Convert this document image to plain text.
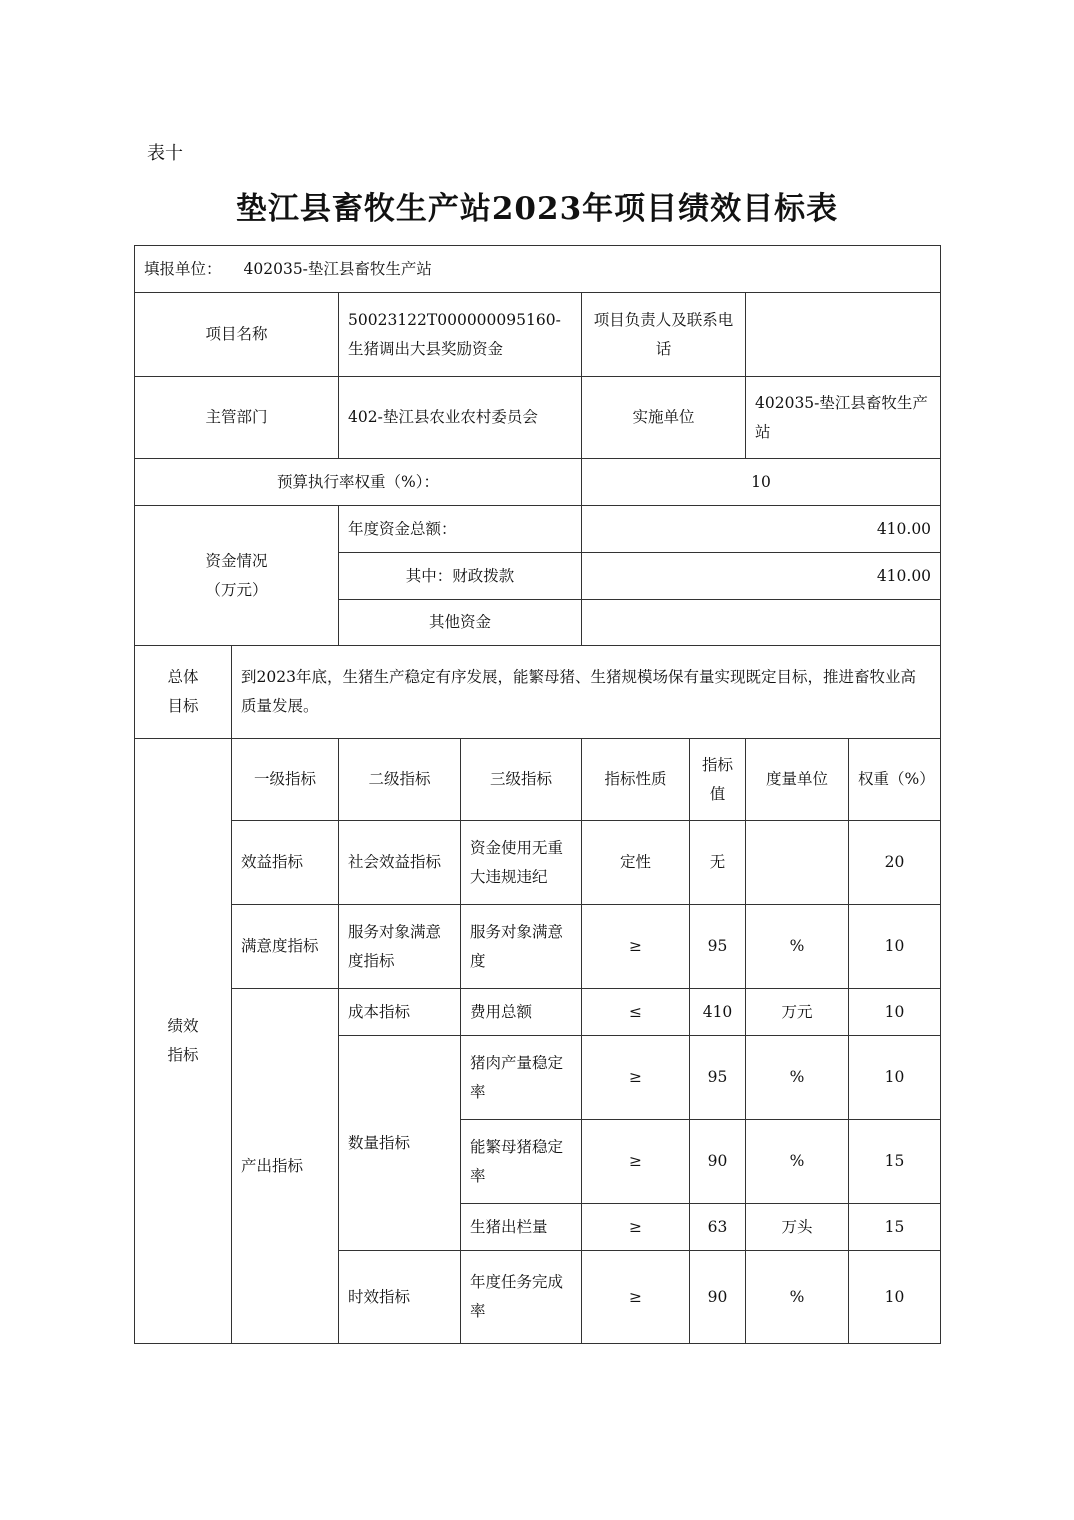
表十
垫江县畜牧生产站2023年项目绩效目标表
填报单位： 402035-垫江县畜牧生产站							
项目名称		50023122T000000095160-生猪调出大县奖励资金		项目负责人及联系电话			
主管部门		402-垫江县农业农村委员会		实施单位		402035-垫江县畜牧生产站	
预算执行率权重（%）：				10			

资金情况
（万元）		年度资金总额：		410.00			
		其中：财政拨款		410.00			
		其他资金					

总体
目标	到2023年底，生猪生产稳定有序发展，能繁母猪、生猪规模场保有量实现既定目标，推进畜牧业高质量发展。						

绩效
指标	一级指标	二级指标	三级指标	指标性质	指标值	度量单位	权重（%）
	效益指标	社会效益指标	资金使用无重大违规违纪	定性	无		20
	满意度指标	服务对象满意度指标	服务对象满意度	≥	95	%	10
	产出指标	成本指标	费用总额	≤	410	万元	10
		数量指标	猪肉产量稳定率	≥	95	%	10
			能繁母猪稳定率	≥	90	%	15
			生猪出栏量	≥	63	万头	15
		时效指标	年度任务完成率	≥	90	%	10
